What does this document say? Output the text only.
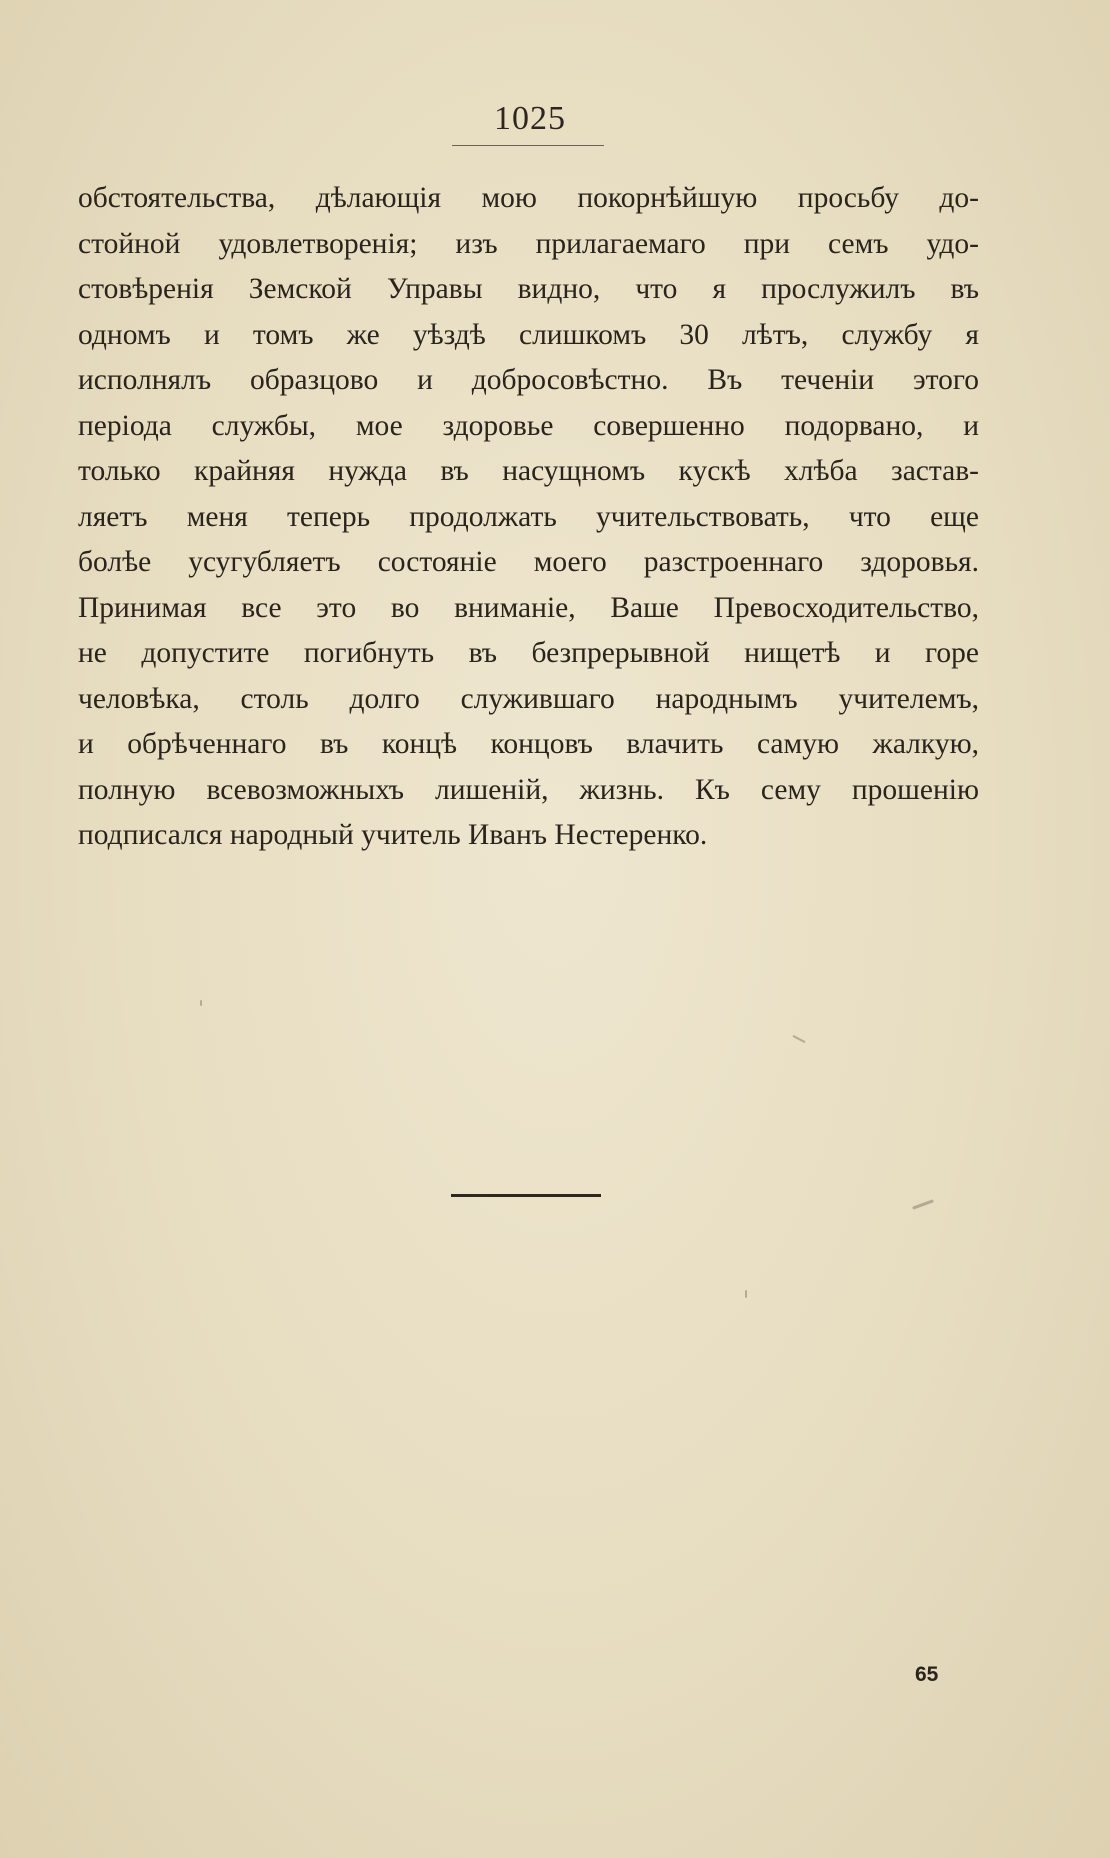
1025
обстоятельства, дѣлающія мою покорнѣйшую просьбу до-
стойной удовлетворенія; изъ прилагаемаго при семъ удо-
стовѣренія Земской Управы видно, что я прослужилъ въ
одномъ и томъ же уѣздѣ слишкомъ 30 лѣтъ, службу я
исполнялъ образцово и добросовѣстно. Въ теченіи этого
періода службы, мое здоровье совершенно подорвано, и
только крайняя нужда въ насущномъ кускѣ хлѣба застав-
ляетъ меня теперь продолжать учительствовать, что еще
болѣе усугубляетъ состояніе моего разстроеннаго здоровья.
Принимая все это во вниманіе, Ваше Превосходительство,
не допустите погибнуть въ безпрерывной нищетѣ и горе
человѣка, столь долго служившаго народнымъ учителемъ,
и обрѣченнаго въ концѣ концовъ влачить самую жалкую,
полную всевозможныхъ лишеній, жизнь. Къ сему прошенію
подписался народный учитель Иванъ Нестеренко.
65
